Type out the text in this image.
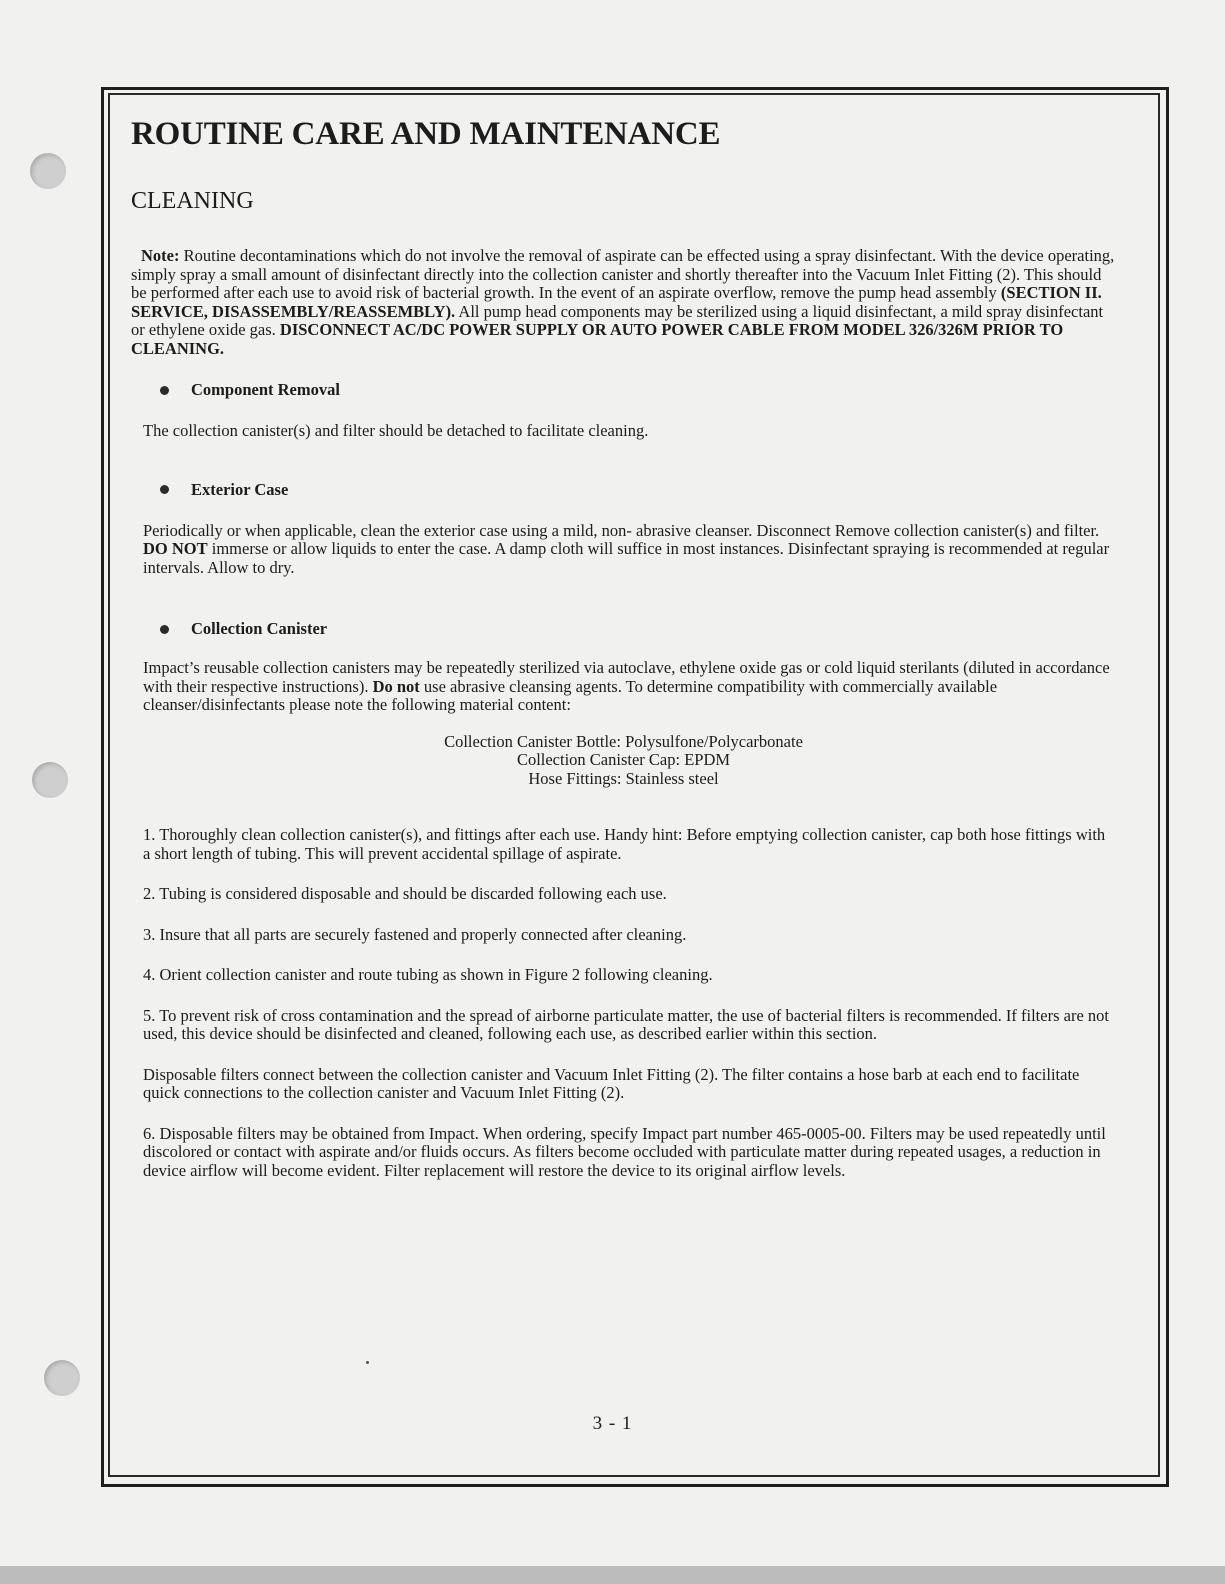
ROUTINE CARE AND MAINTENANCE
CLEANING

Note: Routine decontaminations which do not involve the removal of aspirate can be effected using a spray disinfectant. With the device operating, simply spray a small amount of disinfectant directly into the collection canister and shortly thereafter into the Vacuum Inlet Fitting (2). This should be performed after each use to avoid risk of bacterial growth. In the event of an aspirate overflow, remove the pump head assembly (SECTION II. SERVICE, DISASSEMBLY/REASSEMBLY). All pump head components may be sterilized using a liquid disinfectant, a mild spray disinfectant or ethylene oxide gas. DISCONNECT AC/DC POWER SUPPLY OR AUTO POWER CABLE FROM MODEL 326/326M PRIOR TO CLEANING.

Component Removal

The collection canister(s) and filter should be detached to facilitate cleaning.

Exterior Case

Periodically or when applicable, clean the exterior case using a mild, non- abrasive cleanser. Disconnect Remove collection canister(s) and filter. DO NOT immerse or allow liquids to enter the case. A damp cloth will suffice in most instances. Disinfectant spraying is recommended at regular intervals. Allow to dry.

Collection Canister

Impact’s reusable collection canisters may be repeatedly sterilized via autoclave, ethylene oxide gas or cold liquid sterilants (diluted in accordance with their respective instructions). Do not use abrasive cleansing agents. To determine compatibility with commercially available cleanser/disinfectants please note the following material content:

Collection Canister Bottle: Polysulfone/Polycarbonate
Collection Canister Cap: EPDM
Hose Fittings: Stainless steel

1. Thoroughly clean collection canister(s), and fittings after each use. Handy hint: Before emptying collection canister, cap both hose fittings with a short length of tubing. This will prevent accidental spillage of aspirate.

2. Tubing is considered disposable and should be discarded following each use.

3. Insure that all parts are securely fastened and properly connected after cleaning.

4. Orient collection canister and route tubing as shown in Figure 2 following cleaning.

5. To prevent risk of cross contamination and the spread of airborne particulate matter, the use of bacterial filters is recommended. If filters are not used, this device should be disinfected and cleaned, following each use, as described earlier within this section.

Disposable filters connect between the collection canister and Vacuum Inlet Fitting (2). The filter contains a hose barb at each end to facilitate quick connections to the collection canister and Vacuum Inlet Fitting (2).

6. Disposable filters may be obtained from Impact. When ordering, specify Impact part number 465-0005-00. Filters may be used repeatedly until discolored or contact with aspirate and/or fluids occurs. As filters become occluded with particulate matter during repeated usages, a reduction in device airflow will become evident. Filter replacement will restore the device to its original airflow levels.

3 - 1
